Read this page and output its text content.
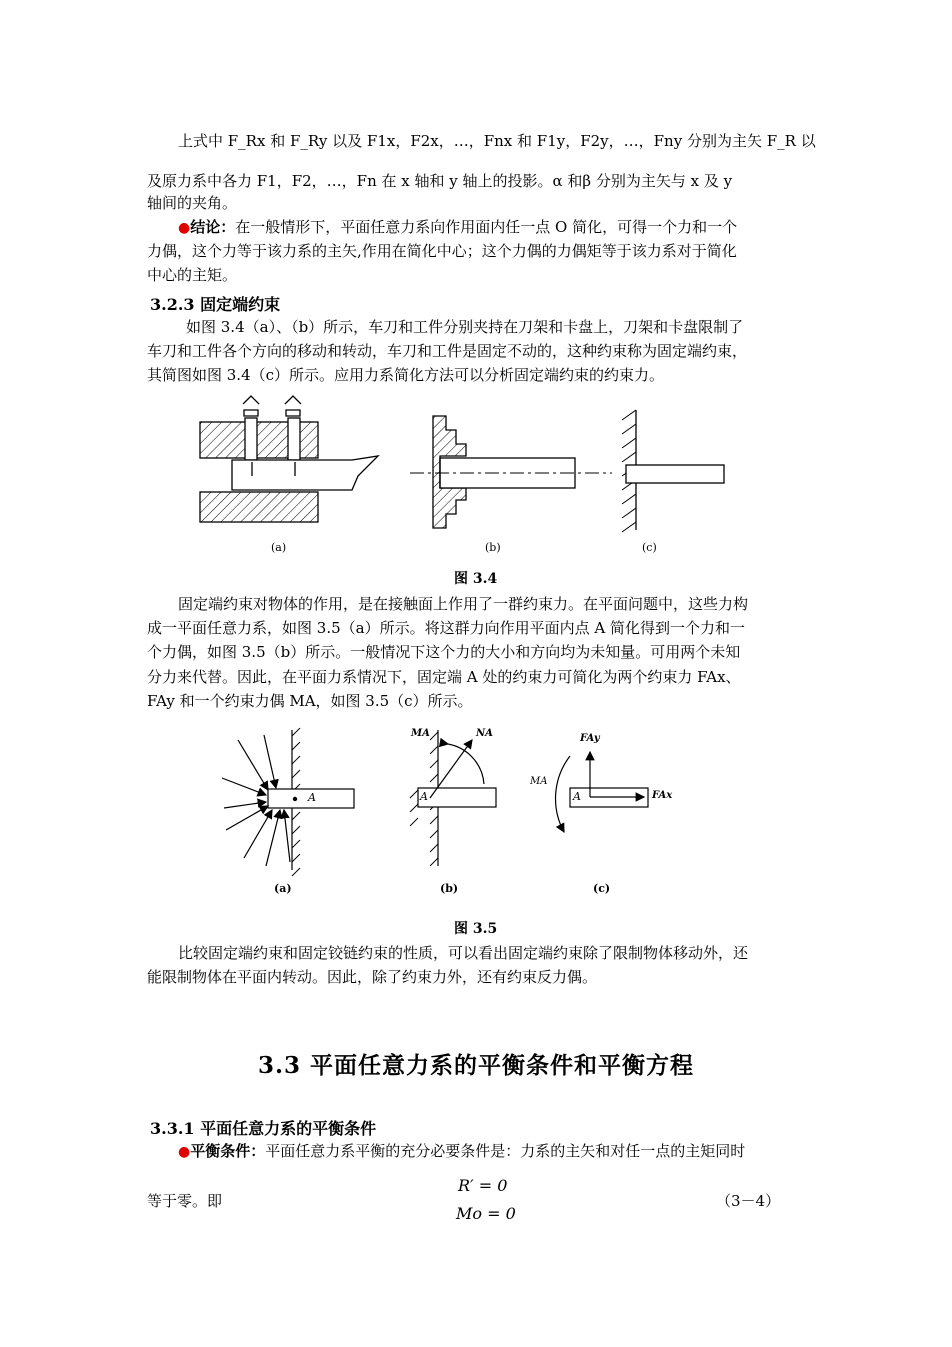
上式中 F_Rx 和 F_Ry 以及 F1x，F2x，…，Fnx 和 F1y，F2y，…，Fny 分别为主矢 F_R 以
及原力系中各力 F1，F2，…，Fn 在 x 轴和 y 轴上的投影。α 和β 分别为主矢与 x 及 y
轴间的夹角。
●结论：在一般情形下，平面任意力系向作用面内任一点 O 简化，可得一个力和一个
力偶，这个力等于该力系的主矢,作用在简化中心；这个力偶的力偶矩等于该力系对于简化
中心的主矩。
3.2.3 固定端约束
如图 3.4（a）、（b）所示，车刀和工件分别夹持在刀架和卡盘上，刀架和卡盘限制了
车刀和工件各个方向的移动和转动，车刀和工件是固定不动的，这种约束称为固定端约束，
其简图如图 3.4（c）所示。应用力系简化方法可以分析固定端约束的约束力。
(a)	(b)	(c)
图 3.4
固定端约束对物体的作用，是在接触面上作用了一群约束力。在平面问题中，这些力构
成一平面任意力系，如图 3.5（a）所示。将这群力向作用平面内点 A 简化得到一个力和一
个力偶，如图 3.5（b）所示。一般情况下这个力的大小和方向均为未知量。可用两个未知
分力来代替。因此，在平面力系情况下，固定端 A 处的约束力可简化为两个约束力 FAx、
FAy 和一个约束力偶 MA，如图 3.5（c）所示。
A	A
MA	NA
A
FAy
FAx
MA
(a)	(b)	(c)
图 3.5
比较固定端约束和固定铰链约束的性质，可以看出固定端约束除了限制物体移动外，还
能限制物体在平面内转动。因此，除了约束力外，还有约束反力偶。
3.3 平面任意力系的平衡条件和平衡方程
3.3.1 平面任意力系的平衡条件
●平衡条件：平面任意力系平衡的充分必要条件是：力系的主矢和对任一点的主矩同时
等于零。即
R′ = 0
Mo = 0
（3－4）
